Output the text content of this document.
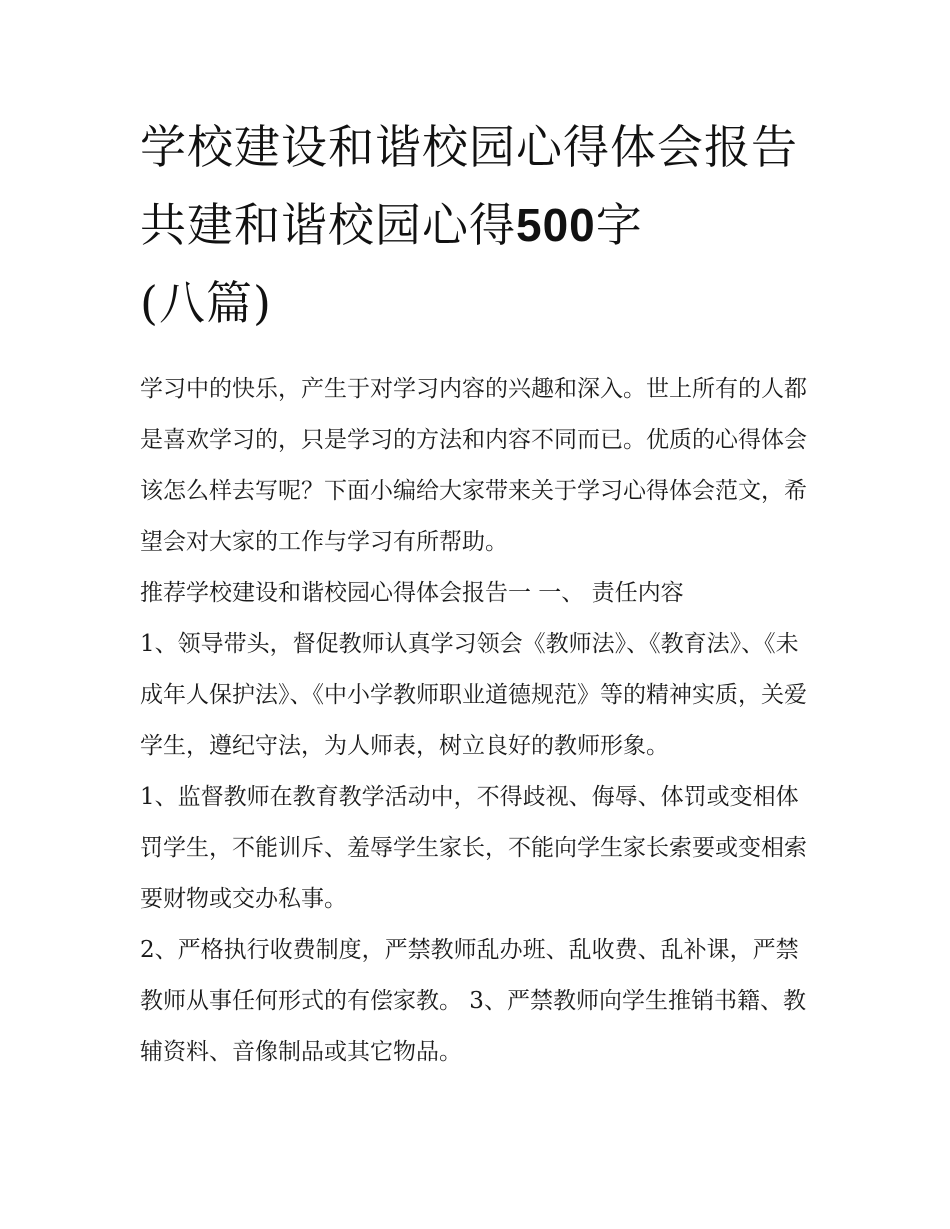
学校建设和谐校园心得体会报告 共建和谐校园心得500字
(八篇)

学习中的快乐，产生于对学习内容的兴趣和深入。世上所有的人都是喜欢学习的，只是学习的方法和内容不同而已。优质的心得体会该怎么样去写呢？下面小编给大家带来关于学习心得体会范文，希望会对大家的工作与学习有所帮助。

推荐学校建设和谐校园心得体会报告一 一、 责任内容

1、领导带头，督促教师认真学习领会《教师法》、《教育法》、《未成年人保护法》、《中小学教师职业道德规范》等的精神实质，关爱学生，遵纪守法，为人师表，树立良好的教师形象。

1、监督教师在教育教学活动中，不得歧视、侮辱、体罚或变相体罚学生，不能训斥、羞辱学生家长，不能向学生家长索要或变相索要财物或交办私事。

2、严格执行收费制度，严禁教师乱办班、乱收费、乱补课，严禁教师从事任何形式的有偿家教。 3、严禁教师向学生推销书籍、教辅资料、音像制品或其它物品。
